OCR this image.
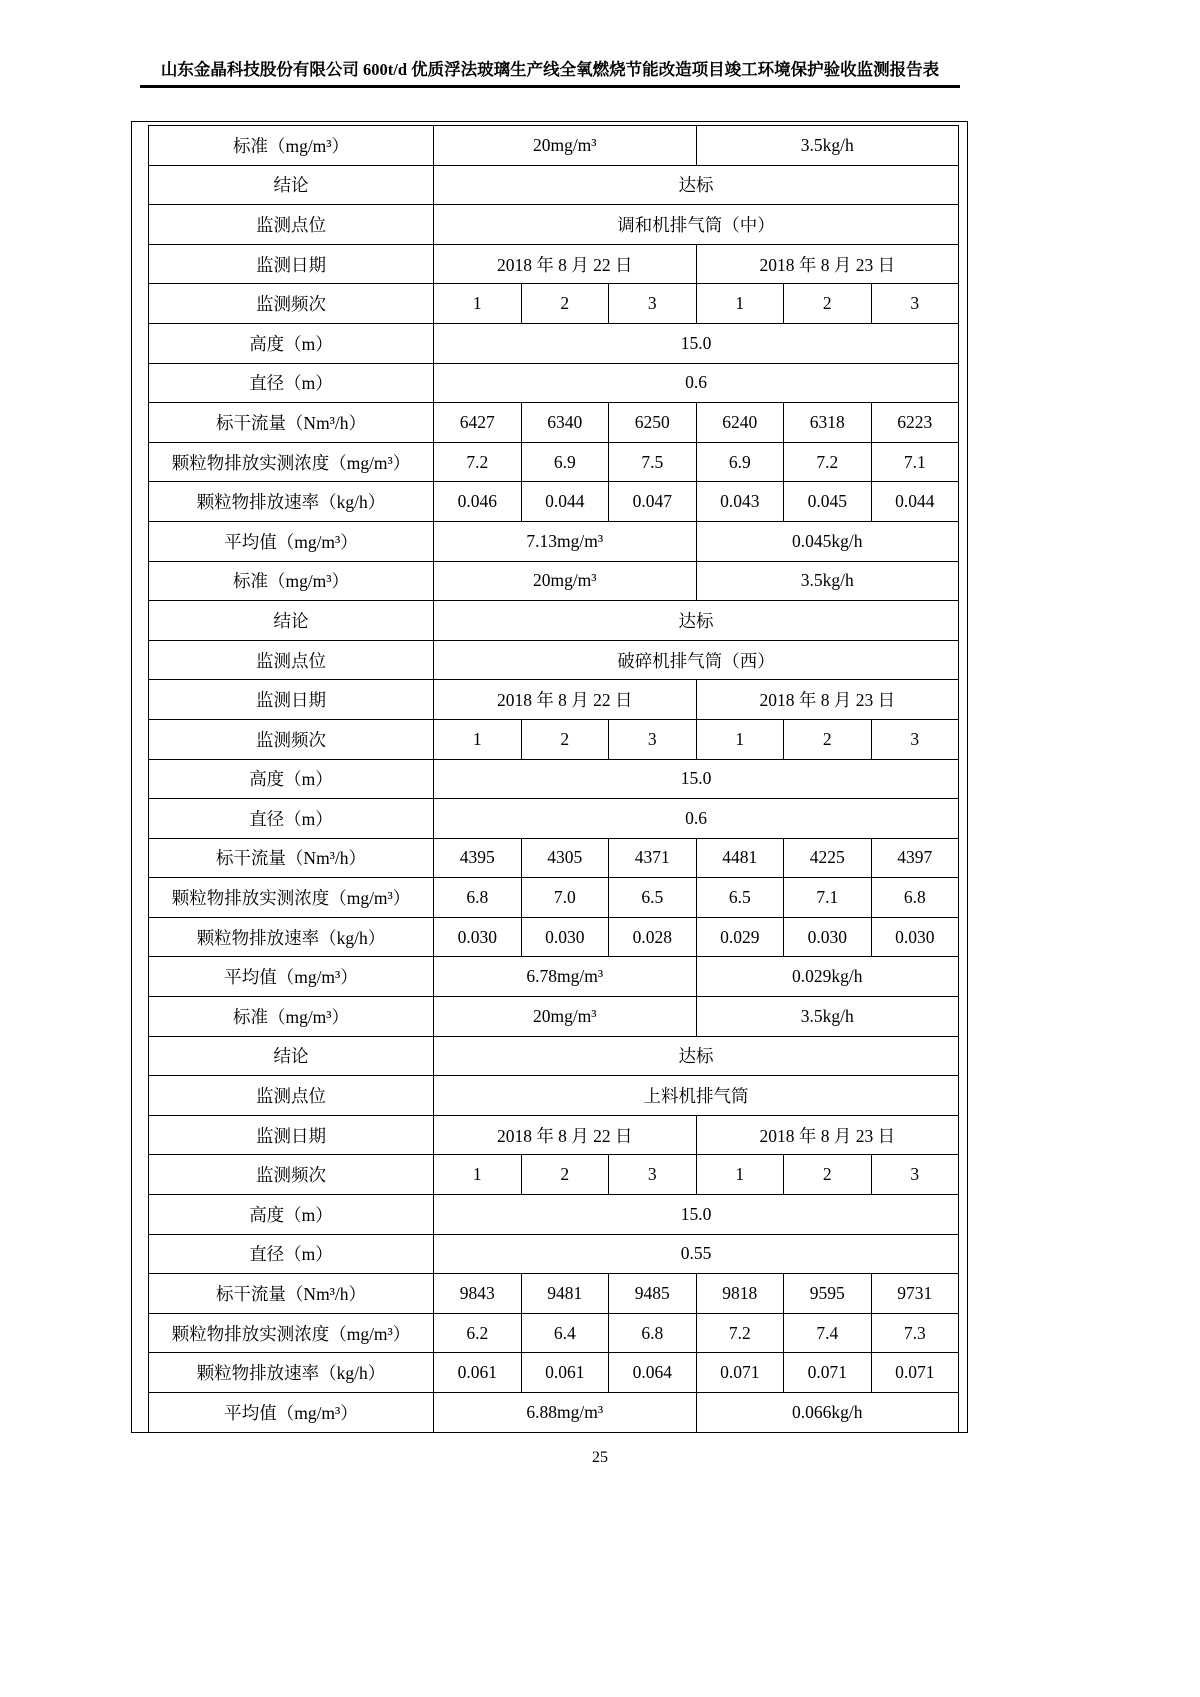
山东金晶科技股份有限公司 600t/d 优质浮法玻璃生产线全氧燃烧节能改造项目竣工环境保护验收监测报告表
标准（mg/m³）	20mg/m³			3.5kg/h		
结论	达标					
监测点位	调和机排气筒（中）					
监测日期	2018 年 8 月 22 日			2018 年 8 月 23 日		
监测频次	1	2	3	1	2	3
高度（m）	15.0					
直径（m）	0.6					
标干流量（Nm³/h）	6427	6340	6250	6240	6318	6223
颗粒物排放实测浓度（mg/m³）	7.2	6.9	7.5	6.9	7.2	7.1
颗粒物排放速率（kg/h）	0.046	0.044	0.047	0.043	0.045	0.044
平均值（mg/m³）	7.13mg/m³			0.045kg/h		
标准（mg/m³）	20mg/m³			3.5kg/h		
结论	达标					
监测点位	破碎机排气筒（西）					
监测日期	2018 年 8 月 22 日			2018 年 8 月 23 日		
监测频次	1	2	3	1	2	3
高度（m）	15.0					
直径（m）	0.6					
标干流量（Nm³/h）	4395	4305	4371	4481	4225	4397
颗粒物排放实测浓度（mg/m³）	6.8	7.0	6.5	6.5	7.1	6.8
颗粒物排放速率（kg/h）	0.030	0.030	0.028	0.029	0.030	0.030
平均值（mg/m³）	6.78mg/m³			0.029kg/h		
标准（mg/m³）	20mg/m³			3.5kg/h		
结论	达标					
监测点位	上料机排气筒					
监测日期	2018 年 8 月 22 日			2018 年 8 月 23 日		
监测频次	1	2	3	1	2	3
高度（m）	15.0					
直径（m）	0.55					
标干流量（Nm³/h）	9843	9481	9485	9818	9595	9731
颗粒物排放实测浓度（mg/m³）	6.2	6.4	6.8	7.2	7.4	7.3
颗粒物排放速率（kg/h）	0.061	0.061	0.064	0.071	0.071	0.071
平均值（mg/m³）	6.88mg/m³			0.066kg/h		
25
